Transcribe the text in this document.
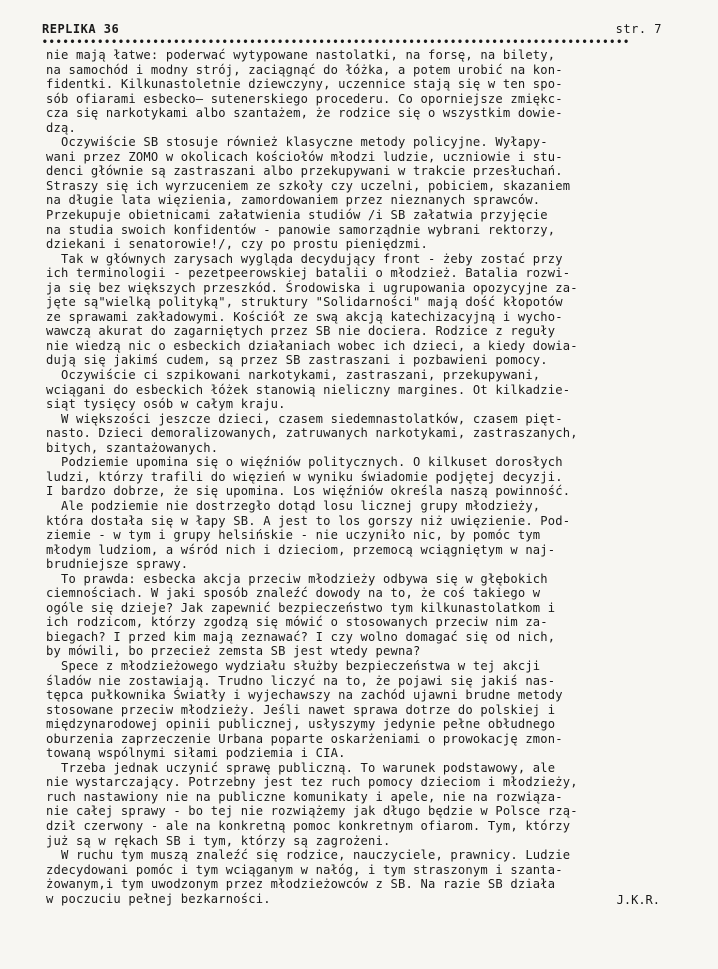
REPLIKA 36	str. 7
•••••••••••••••••••••••••••••••••••••••••••••••••••••••••••••••••••••••••••••••••••••
nie mają łatwe: poderwać wytypowane nastolatki, na forsę, na bilety,
na samochód i modny strój, zaciągnąć do łóżka, a potem urobić na kon-
fidentki. Kilkunastoletnie dziewczyny, uczennice stają się w ten spo-
sób ofiarami esbecko— sutenerskiego procederu. Co oporniejsze zmiękc-
cza się narkotykami albo szantażem, że rodzice się o wszystkim dowie-
dzą.
Oczywiście SB stosuje również klasyczne metody policyjne. Wyłapy-
wani przez ZOMO w okolicach kościołów młodzi ludzie, uczniowie i stu-
denci głównie są zastraszani albo przekupywani w trakcie przesłuchań.
Straszy się ich wyrzuceniem ze szkoły czy uczelni, pobiciem, skazaniem
na długie lata więzienia, zamordowaniem przez nieznanych sprawców.
Przekupuje obietnicami załatwienia studiów /i SB załatwia przyjęcie
na studia swoich konfidentów - panowie samorządnie wybrani rektorzy,
dziekani i senatorowie!/, czy po prostu pieniędzmi.
Tak w głównych zarysach wygląda decydujący front - żeby zostać przy
ich terminologii - pezetpeerowskiej batalii o młodzież. Batalia rozwi-
ja się bez większych przeszkód. Środowiska i ugrupowania opozycyjne za-
jęte są"wielką polityką", struktury "Solidarności" mają dość kłopotów
ze sprawami zakładowymi. Kościół ze swą akcją katechizacyjną i wycho-
wawczą akurat do zagarniętych przez SB nie dociera. Rodzice z reguły
nie wiedzą nic o esbeckich działaniach wobec ich dzieci, a kiedy dowia-
dują się jakimś cudem, są przez SB zastraszani i pozbawieni pomocy.
Oczywiście ci szpikowani narkotykami, zastraszani, przekupywani,
wciągani do esbeckich łóżek stanowią nieliczny margines. Ot kilkadzie-
siąt tysięcy osób w całym kraju.
W większości jeszcze dzieci, czasem siedemnastolatków, czasem pięt-
nasto. Dzieci demoralizowanych, zatruwanych narkotykami, zastraszanych,
bitych, szantażowanych.
Podziemie upomina się o więźniów politycznych. O kilkuset dorosłych
ludzi, którzy trafili do więzień w wyniku świadomie podjętej decyzji.
I bardzo dobrze, że się upomina. Los więźniów określa naszą powinność.
Ale podziemie nie dostrzegło dotąd losu licznej grupy młodzieży,
która dostała się w łapy SB. A jest to los gorszy niż uwięzienie. Pod-
ziemie - w tym i grupy helsińskie - nie uczyniło nic, by pomóc tym
młodym ludziom, a wśród nich i dzieciom, przemocą wciągniętym w naj-
brudniejsze sprawy.
To prawda: esbecka akcja przeciw młodzieży odbywa się w głębokich
ciemnościach. W jaki sposób znaleźć dowody na to, że coś takiego w
ogóle się dzieje? Jak zapewnić bezpieczeństwo tym kilkunastolatkom i
ich rodzicom, którzy zgodzą się mówić o stosowanych przeciw nim za-
biegach? I przed kim mają zeznawać? I czy wolno domagać się od nich,
by mówili, bo przecież zemsta SB jest wtedy pewna?
Spece z młodzieżowego wydziału służby bezpieczeństwa w tej akcji
śladów nie zostawiają. Trudno liczyć na to, że pojawi się jakiś nas-
tępca pułkownika Światły i wyjechawszy na zachód ujawni brudne metody
stosowane przeciw młodzieży. Jeśli nawet sprawa dotrze do polskiej i
międzynarodowej opinii publicznej, usłyszymy jedynie pełne obłudnego
oburzenia zaprzeczenie Urbana poparte oskarżeniami o prowokację zmon-
towaną wspólnymi siłami podziemia i CIA.
Trzeba jednak uczynić sprawę publiczną. To warunek podstawowy, ale
nie wystarczający. Potrzebny jest tez ruch pomocy dzieciom i młodzieży,
ruch nastawiony nie na publiczne komunikaty i apele, nie na rozwiąza-
nie całej sprawy - bo tej nie rozwiążemy jak długo będzie w Polsce rzą-
dził czerwony - ale na konkretną pomoc konkretnym ofiarom. Tym, którzy
już są w rękach SB i tym, którzy są zagrożeni.
W ruchu tym muszą znaleźć się rodzice, nauczyciele, prawnicy. Ludzie
zdecydowani pomóc i tym wciąganym w nałóg, i tym straszonym i szanta-
żowanym,i tym uwodzonym przez młodzieżowców z SB. Na razie SB działa
w poczuciu pełnej bezkarności.	J.K.R.
